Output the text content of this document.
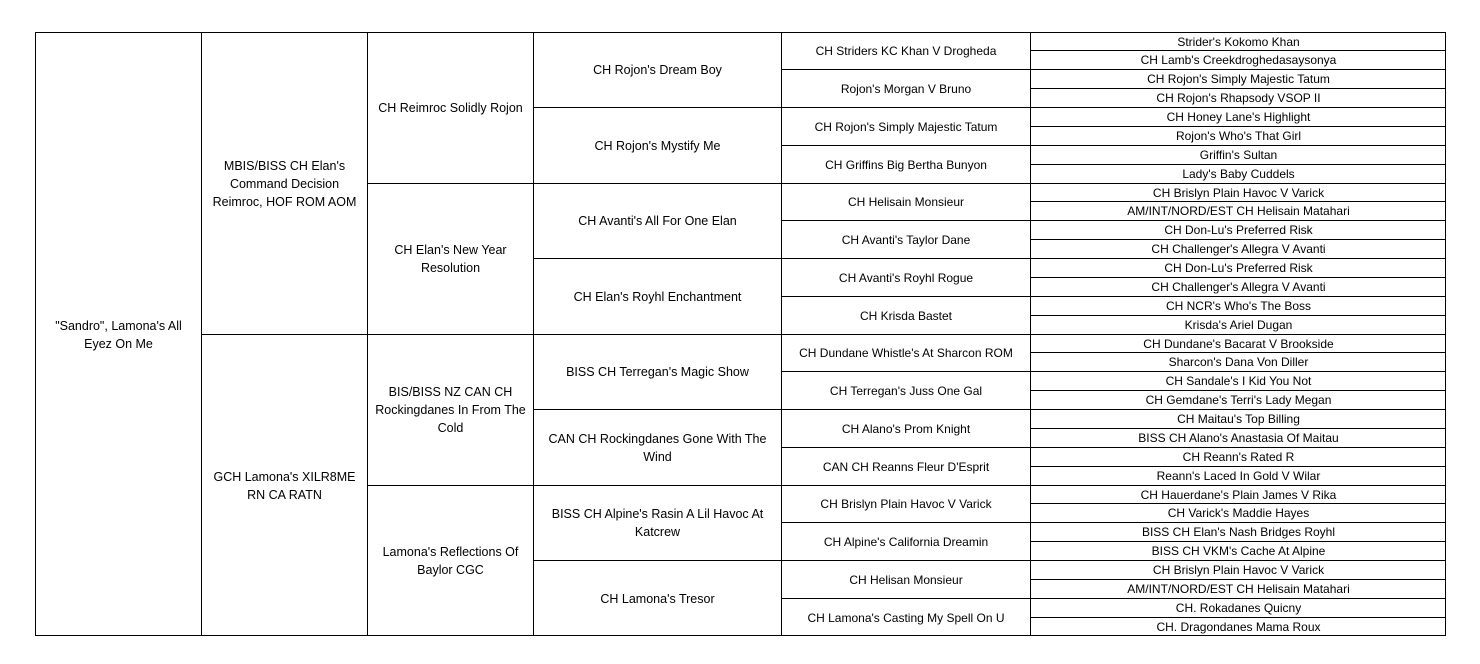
"Sandro", Lamona's All Eyez On Me
MBIS/BISS CH Elan's Command Decision Reimroc, HOF ROM AOM
GCH Lamona's XILR8ME RN CA RATN
CH Reimroc Solidly Rojon
CH Elan's New Year Resolution
BIS/BISS NZ CAN CH Rockingdanes In From The Cold
Lamona's Reflections Of Baylor CGC
CH Rojon's Dream Boy
CH Rojon's Mystify Me
CH Avanti's All For One Elan
CH Elan's Royhl Enchantment
BISS CH Terregan's Magic Show
CAN CH Rockingdanes Gone With The Wind
BISS CH Alpine's Rasin A Lil Havoc At Katcrew
CH Lamona's Tresor
CH Striders KC Khan V Drogheda
Rojon's Morgan V Bruno
CH Rojon's Simply Majestic Tatum
CH Griffins Big Bertha Bunyon
CH Helisain Monsieur
CH Avanti's Taylor Dane
CH Avanti's Royhl Rogue
CH Krisda Bastet
CH Dundane Whistle's At Sharcon ROM
CH Terregan's Juss One Gal
CH Alano's Prom Knight
CAN CH Reanns Fleur D'Esprit
CH Brislyn Plain Havoc V Varick
CH Alpine's California Dreamin
CH Helisan Monsieur
CH Lamona's Casting My Spell On U
Strider's Kokomo Khan
CH Lamb's Creekdroghedasaysonya
CH Rojon's Simply Majestic Tatum
CH Rojon's Rhapsody VSOP II
CH Honey Lane's Highlight
Rojon's Who's That Girl
Griffin's Sultan
Lady's Baby Cuddels
CH Brislyn Plain Havoc V Varick
AM/INT/NORD/EST CH Helisain Matahari
CH Don-Lu's Preferred Risk
CH Challenger's Allegra V Avanti
CH Don-Lu's Preferred Risk
CH Challenger's Allegra V Avanti
CH NCR's Who's The Boss
Krisda's Ariel Dugan
CH Dundane's Bacarat V Brookside
Sharcon's Dana Von Diller
CH Sandale's I Kid You Not
CH Gemdane's Terri's Lady Megan
CH Maitau's Top Billing
BISS CH Alano's Anastasia Of Maitau
CH Reann's Rated R
Reann's Laced In Gold V Wilar
CH Hauerdane's Plain James V Rika
CH Varick's Maddie Hayes
BISS CH Elan's Nash Bridges Royhl
BISS CH VKM's Cache At Alpine
CH Brislyn Plain Havoc V Varick
AM/INT/NORD/EST CH Helisain Matahari
CH. Rokadanes Quicny
CH. Dragondanes Mama Roux
